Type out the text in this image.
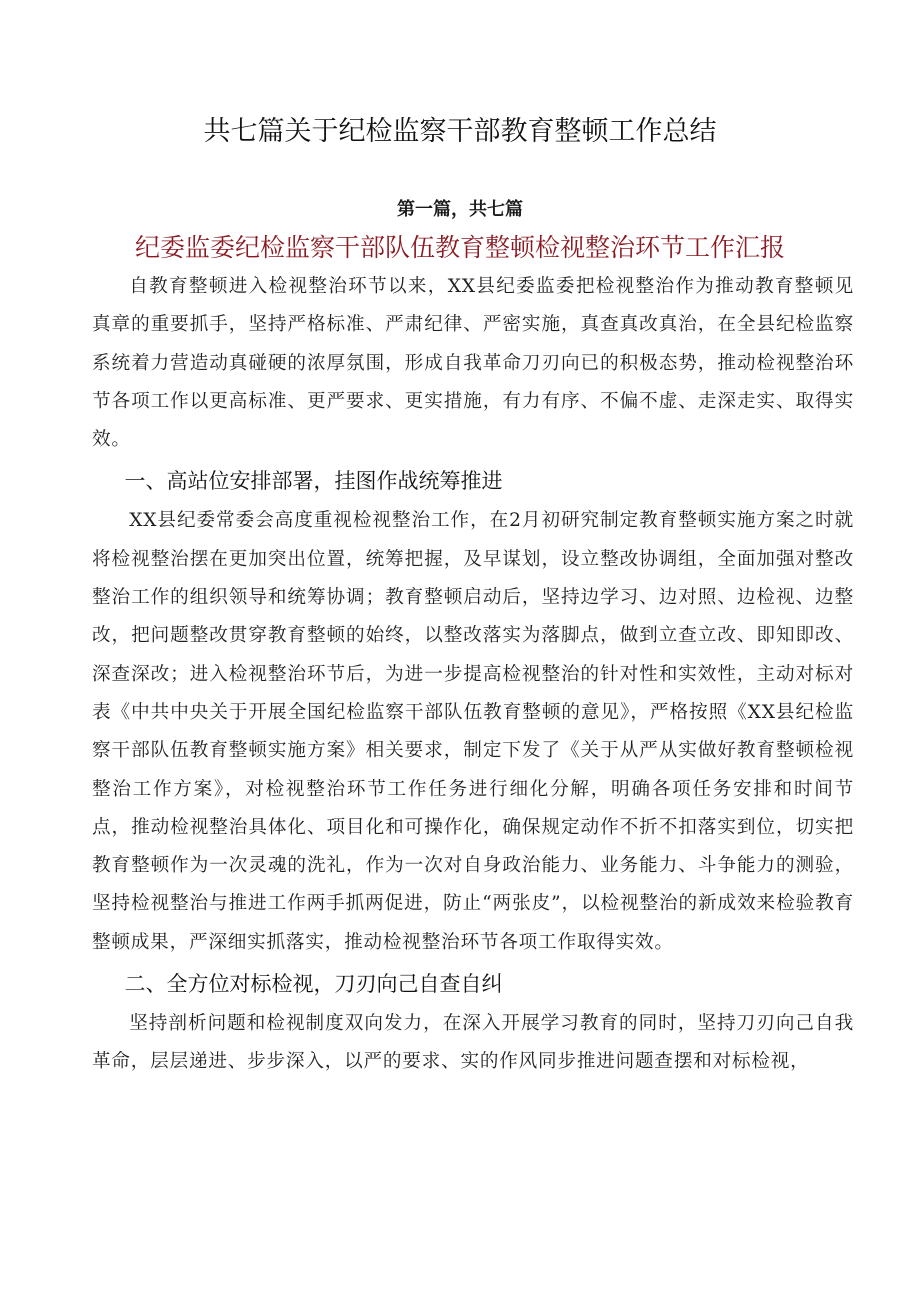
共七篇关于纪检监察干部教育整顿工作总结
第一篇，共七篇
纪委监委纪检监察干部队伍教育整顿检视整治环节工作汇报

自教育整顿进入检视整治环节以来，XX县纪委监委把检视整治作为推动教育整顿见真章的重要抓手，坚持严格标准、严肃纪律、严密实施，真查真改真治，在全县纪检监察系统着力营造动真碰硬的浓厚氛围，形成自我革命刀刃向已的积极态势，推动检视整治环节各项工作以更高标准、更严要求、更实措施，有力有序、不偏不虚、走深走实、取得实效。

一、高站位安排部署，挂图作战统筹推进

XX县纪委常委会高度重视检视整治工作，在2月初研究制定教育整顿实施方案之时就将检视整治摆在更加突出位置，统筹把握，及早谋划，设立整改协调组，全面加强对整改整治工作的组织领导和统筹协调；教育整顿启动后，坚持边学习、边对照、边检视、边整改，把问题整改贯穿教育整顿的始终，以整改落实为落脚点，做到立查立改、即知即改、深查深改；进入检视整治环节后，为进一步提高检视整治的针对性和实效性，主动对标对表《中共中央关于开展全国纪检监察干部队伍教育整顿的意见》，严格按照《XX县纪检监察干部队伍教育整顿实施方案》相关要求，制定下发了《关于从严从实做好教育整顿检视整治工作方案》，对检视整治环节工作任务进行细化分解，明确各项任务安排和时间节点，推动检视整治具体化、项目化和可操作化，确保规定动作不折不扣落实到位，切实把教育整顿作为一次灵魂的洗礼，作为一次对自身政治能力、业务能力、斗争能力的测验，坚持检视整治与推进工作两手抓两促进，防止“两张皮”，以检视整治的新成效来检验教育整顿成果，严深细实抓落实，推动检视整治环节各项工作取得实效。

二、全方位对标检视，刀刃向己自查自纠

坚持剖析问题和检视制度双向发力，在深入开展学习教育的同时，坚持刀刃向己自我革命，层层递进、步步深入，以严的要求、实的作风同步推进问题查摆和对标检视，
